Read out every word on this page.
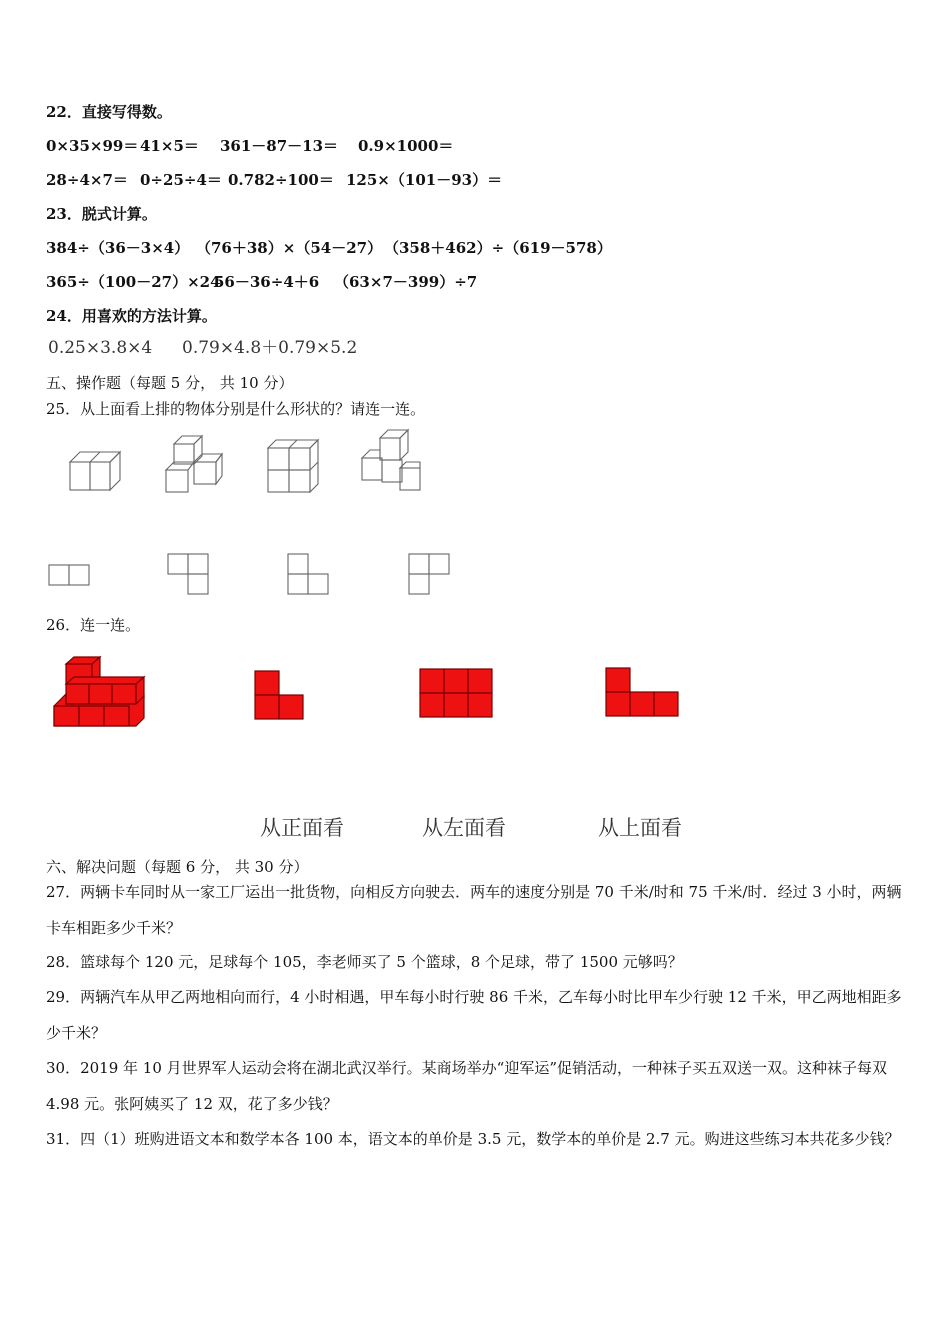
22．直接写得数。
0×35×99＝ 41×5＝ 361－87－13＝ 0.9×1000＝
28÷4×7＝ 0÷25÷4＝ 0.782÷100＝ 125×（101－93）＝
23．脱式计算。
384÷（36－3×4） （76＋38）×（54－27） （358＋462）÷（619－578）
365÷（100－27）×24
56－36÷4＋6 （63×7－399）÷7
24．用喜欢的方法计算。
0.25×3.8×4 0.79×4.8＋0.79×5.2
五、操作题（每题 5 分， 共 10 分）
25．从上面看上排的物体分别是什么形状的？请连一连。
26．连一连。
从正面看	从左面看	从上面看
六、解决问题（每题 6 分， 共 30 分）
27．两辆卡车同时从一家工厂运出一批货物，向相反方向驶去．两车的速度分别是 70 千米/时和 75 千米/时．经过 3 小时，两辆卡车相距多少千米？
28．篮球每个 120 元，足球每个 105，李老师买了 5 个篮球，8 个足球，带了 1500 元够吗？
29．两辆汽车从甲乙两地相向而行，4 小时相遇，甲车每小时行驶 86 千米，乙车每小时比甲车少行驶 12 千米，甲乙两地相距多少千米？
30．2019 年 10 月世界军人运动会将在湖北武汉举行。某商场举办“迎军运”促销活动，一种袜子买五双送一双。这种袜子每双 4.98 元。张阿姨买了 12 双，花了多少钱？
31．四（1）班购进语文本和数学本各 100 本，语文本的单价是 3.5 元，数学本的单价是 2.7 元。购进这些练习本共花多少钱？
